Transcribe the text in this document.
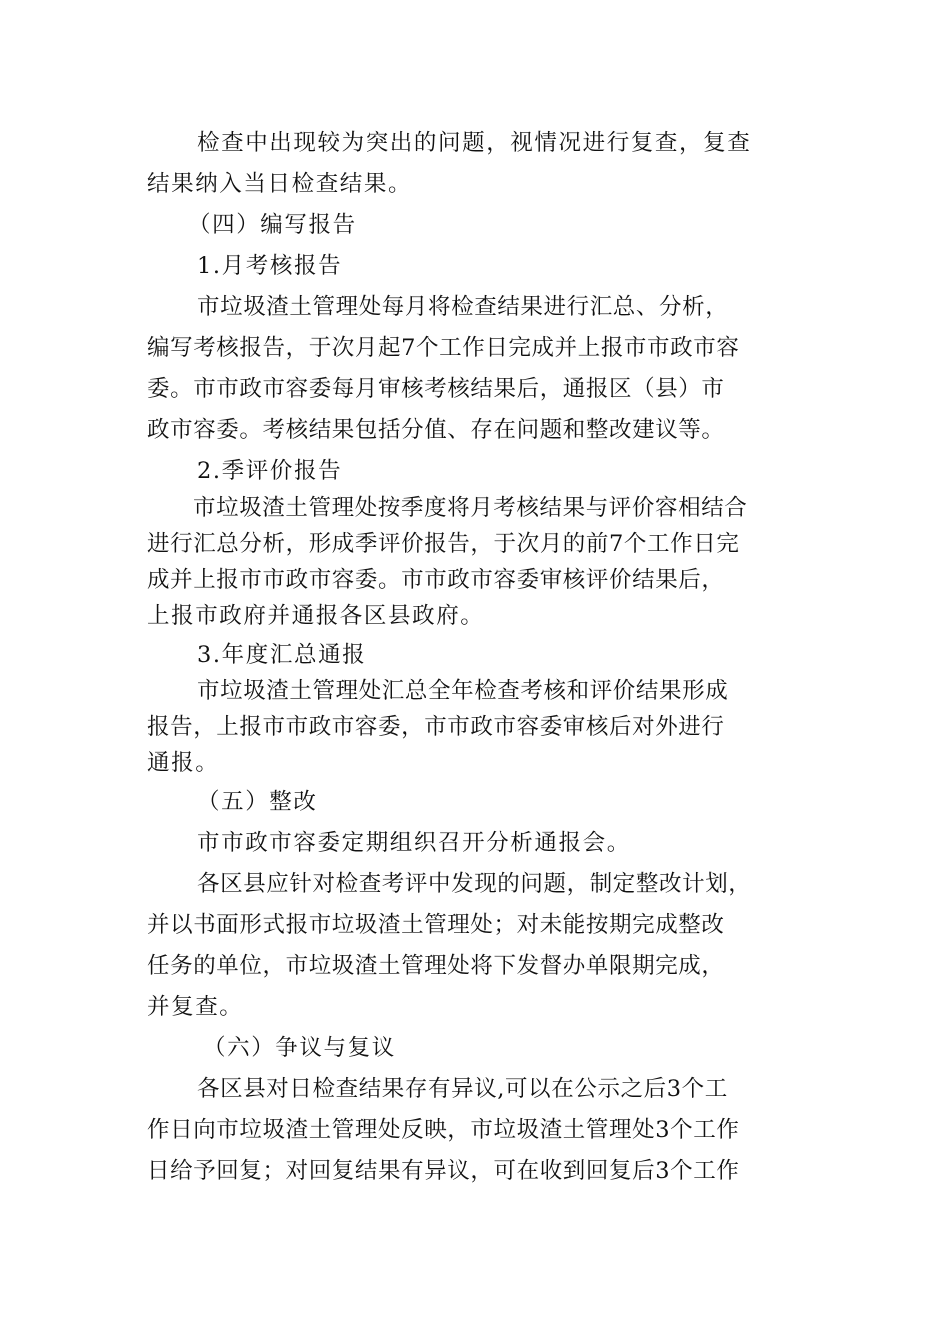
检查中出现较为突出的问题，视情况进行复查，复查
结果纳入当日检查结果。
（四）编写报告
1.月考核报告
市垃圾渣土管理处每月将检查结果进行汇总、分析，
编写考核报告，于次月起7个工作日完成并上报市市政市容
委。市市政市容委每月审核考核结果后，通报区（县）市
政市容委。考核结果包括分值、存在问题和整改建议等。
2.季评价报告
市垃圾渣土管理处按季度将月考核结果与评价容相结合
进行汇总分析，形成季评价报告，于次月的前7个工作日完
成并上报市市政市容委。市市政市容委审核评价结果后，
上报市政府并通报各区县政府。
3.年度汇总通报
市垃圾渣土管理处汇总全年检查考核和评价结果形成
报告，上报市市政市容委，市市政市容委审核后对外进行
通报。
（五）整改
市市政市容委定期组织召开分析通报会。
各区县应针对检查考评中发现的问题，制定整改计划，
并以书面形式报市垃圾渣土管理处；对未能按期完成整改
任务的单位，市垃圾渣土管理处将下发督办单限期完成，
并复查。
（六）争议与复议
各区县对日检查结果存有异议,可以在公示之后3个工
作日向市垃圾渣土管理处反映，市垃圾渣土管理处3个工作
日给予回复；对回复结果有异议，可在收到回复后3个工作
